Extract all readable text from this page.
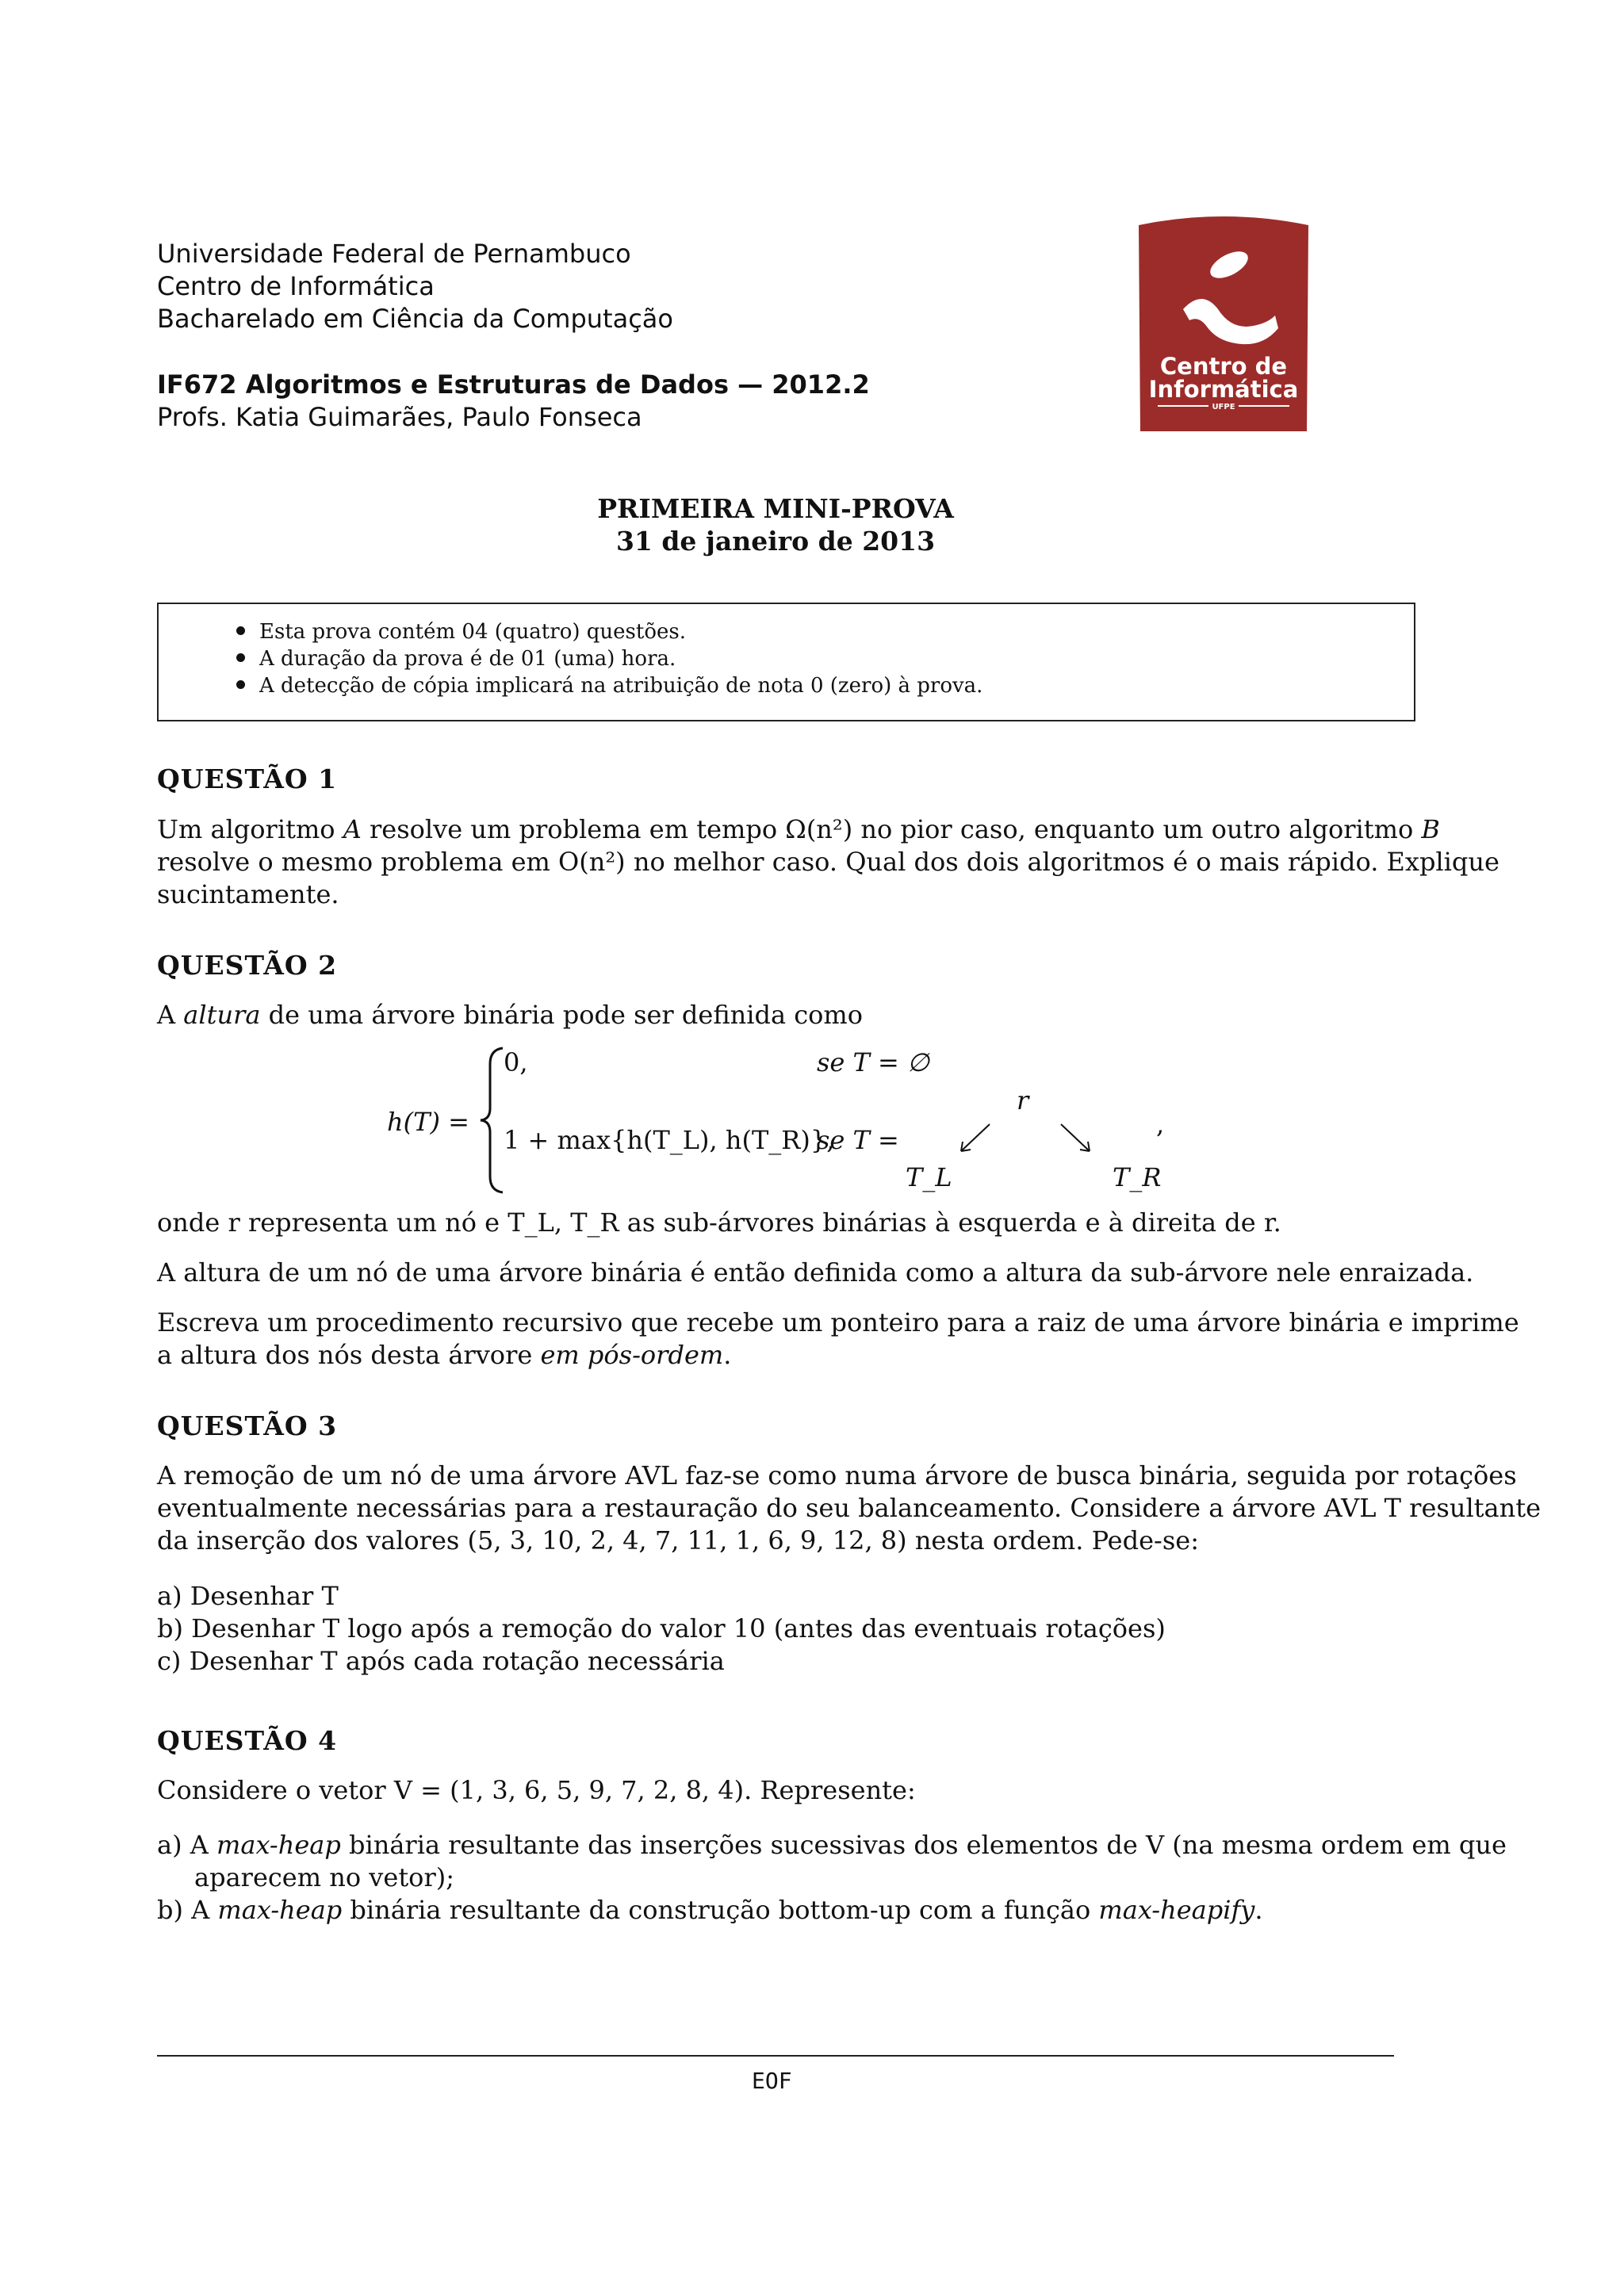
Universidade Federal de Pernambuco
Centro de Informática
Bacharelado em Ciência da Computação
IF672 Algoritmos e Estruturas de Dados — 2012.2
Profs. Katia Guimarães, Paulo Fonseca
Centro de
Informática
UFPE
PRIMEIRA MINI-PROVA
31 de janeiro de 2013
Esta prova contém 04 (quatro) questões.
A duração da prova é de 01 (uma) hora.
A detecção de cópia implicará na atribuição de nota 0 (zero) à prova.
QUESTÃO 1
Um algoritmo A resolve um problema em tempo Ω(n²) no pior caso, enquanto um outro algoritmo B
resolve o mesmo problema em O(n²) no melhor caso. Qual dos dois algoritmos é o mais rápido. Explique
sucintamente.
QUESTÃO 2
A altura de uma árvore binária pode ser definida como
h(T) =
0,	se T = ∅
1 + max{h(T_L), h(T_R)},
se T =
r
T_L	T_R
,
onde r representa um nó e T_L, T_R as sub-árvores binárias à esquerda e à direita de r.
A altura de um nó de uma árvore binária é então definida como a altura da sub-árvore nele enraizada.
Escreva um procedimento recursivo que recebe um ponteiro para a raiz de uma árvore binária e imprime
a altura dos nós desta árvore em pós-ordem.
QUESTÃO 3
A remoção de um nó de uma árvore AVL faz-se como numa árvore de busca binária, seguida por rotações
eventualmente necessárias para a restauração do seu balanceamento. Considere a árvore AVL T resultante
da inserção dos valores (5, 3, 10, 2, 4, 7, 11, 1, 6, 9, 12, 8) nesta ordem. Pede-se:
a) Desenhar T
b) Desenhar T logo após a remoção do valor 10 (antes das eventuais rotações)
c) Desenhar T após cada rotação necessária
QUESTÃO 4
Considere o vetor V = (1, 3, 6, 5, 9, 7, 2, 8, 4). Represente:
a) A max-heap binária resultante das inserções sucessivas dos elementos de V (na mesma ordem em que
aparecem no vetor);
b) A max-heap binária resultante da construção bottom-up com a função max-heapify.
EOF
